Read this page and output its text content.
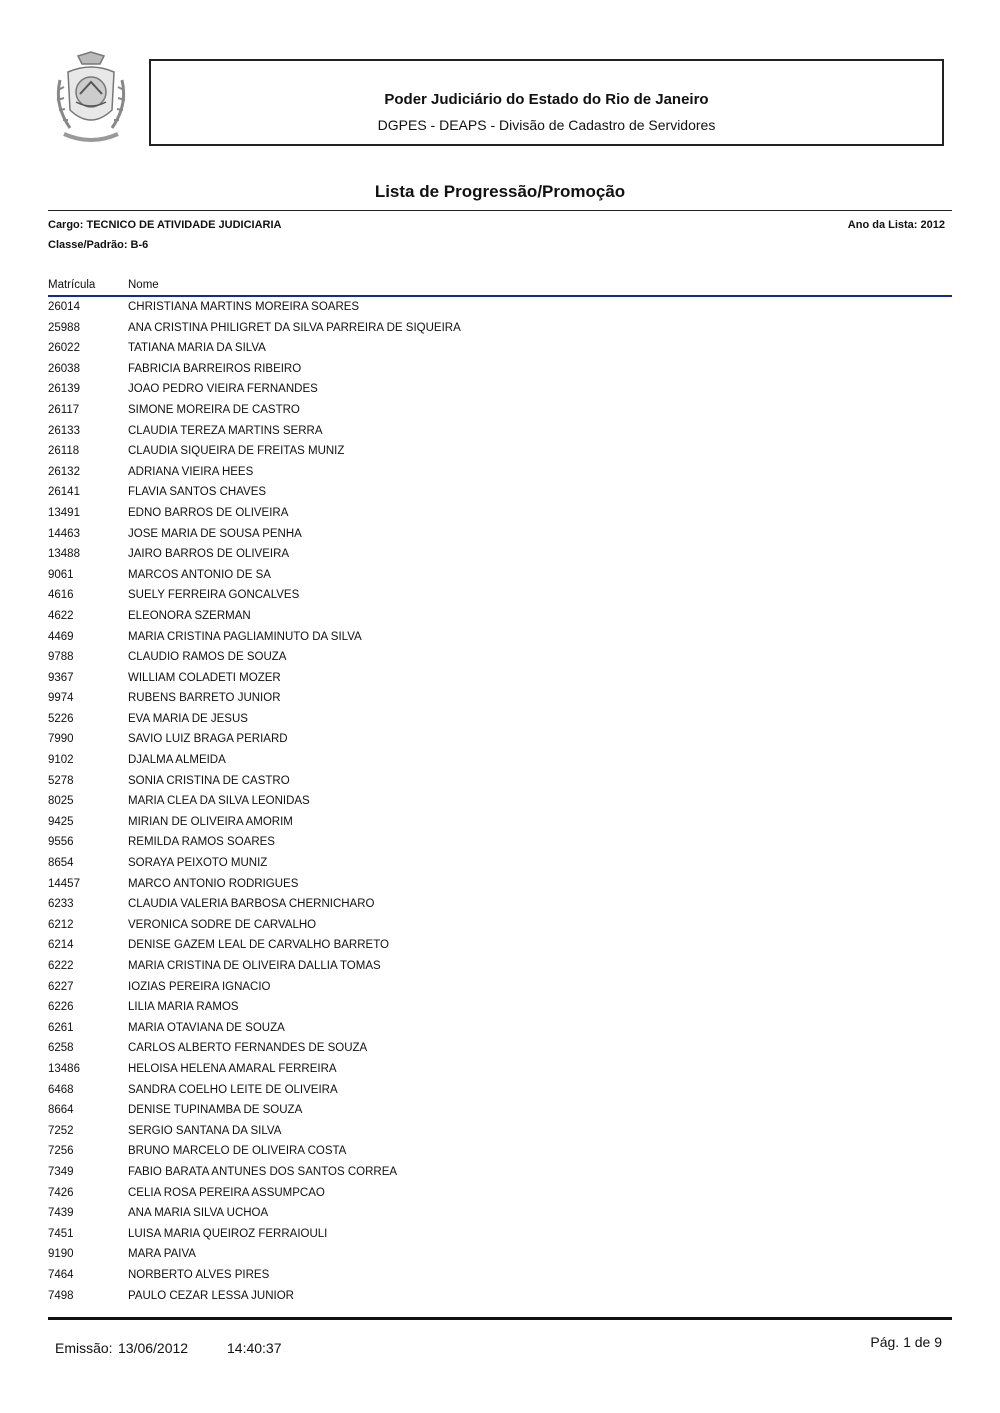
Poder Judiciário do Estado do Rio de Janeiro
DGPES - DEAPS - Divisão de Cadastro de Servidores
Lista de Progressão/Promoção
Cargo: TECNICO DE ATIVIDADE JUDICIARIA	Ano da Lista: 2012
Classe/Padrão: B-6
Matrícula	Nome
26014	CHRISTIANA MARTINS MOREIRA SOARES
25988	ANA CRISTINA PHILIGRET DA SILVA PARREIRA DE SIQUEIRA
26022	TATIANA MARIA DA SILVA
26038	FABRICIA BARREIROS RIBEIRO
26139	JOAO PEDRO VIEIRA FERNANDES
26117	SIMONE MOREIRA DE CASTRO
26133	CLAUDIA TEREZA MARTINS SERRA
26118	CLAUDIA SIQUEIRA DE FREITAS MUNIZ
26132	ADRIANA VIEIRA HEES
26141	FLAVIA SANTOS CHAVES
13491	EDNO BARROS DE OLIVEIRA
14463	JOSE MARIA DE SOUSA PENHA
13488	JAIRO BARROS DE OLIVEIRA
9061	MARCOS ANTONIO DE SA
4616	SUELY FERREIRA GONCALVES
4622	ELEONORA SZERMAN
4469	MARIA CRISTINA PAGLIAMINUTO DA SILVA
9788	CLAUDIO RAMOS DE SOUZA
9367	WILLIAM COLADETI MOZER
9974	RUBENS BARRETO JUNIOR
5226	EVA MARIA DE JESUS
7990	SAVIO LUIZ BRAGA PERIARD
9102	DJALMA ALMEIDA
5278	SONIA CRISTINA DE CASTRO
8025	MARIA CLEA DA SILVA LEONIDAS
9425	MIRIAN DE OLIVEIRA AMORIM
9556	REMILDA RAMOS SOARES
8654	SORAYA PEIXOTO MUNIZ
14457	MARCO ANTONIO RODRIGUES
6233	CLAUDIA VALERIA BARBOSA CHERNICHARO
6212	VERONICA SODRE DE CARVALHO
6214	DENISE GAZEM LEAL DE CARVALHO BARRETO
6222	MARIA CRISTINA DE OLIVEIRA DALLIA TOMAS
6227	IOZIAS PEREIRA IGNACIO
6226	LILIA MARIA RAMOS
6261	MARIA OTAVIANA DE SOUZA
6258	CARLOS ALBERTO FERNANDES DE SOUZA
13486	HELOISA HELENA AMARAL FERREIRA
6468	SANDRA COELHO LEITE DE OLIVEIRA
8664	DENISE TUPINAMBA DE SOUZA
7252	SERGIO SANTANA DA SILVA
7256	BRUNO MARCELO DE OLIVEIRA COSTA
7349	FABIO BARATA ANTUNES DOS SANTOS CORREA
7426	CELIA ROSA PEREIRA ASSUMPCAO
7439	ANA MARIA SILVA UCHOA
7451	LUISA MARIA QUEIROZ FERRAIOULI
9190	MARA PAIVA
7464	NORBERTO ALVES PIRES
7498	PAULO CEZAR LESSA JUNIOR
Emissão: 13/06/2012	14:40:37	Pág. 1 de 9
